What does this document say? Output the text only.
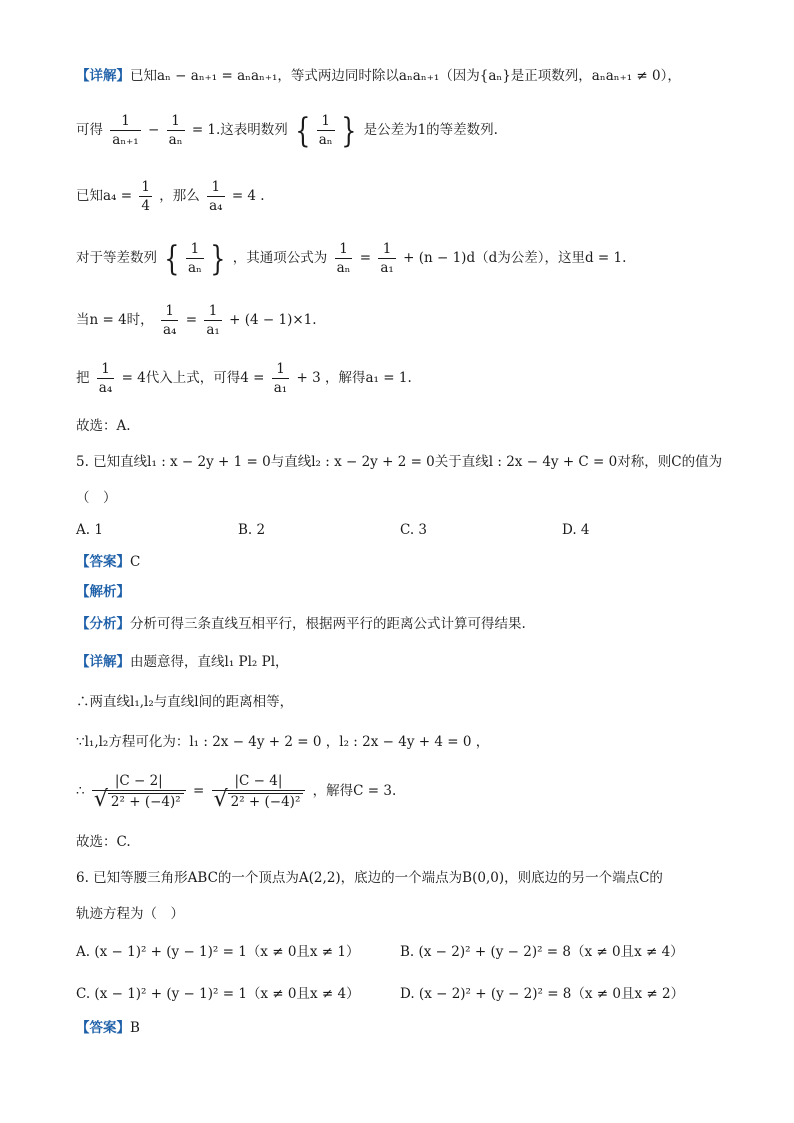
【详解】已知aₙ − aₙ₊₁ = aₙaₙ₊₁，等式两边同时除以aₙaₙ₊₁（因为{aₙ}是正项数列，aₙaₙ₊₁ ≠ 0），
可得 $\frac{1}{\text{aₙ₊₁}} - \frac{1}{\text{aₙ}} = 1$.这表明数列 { $\frac{1}{\text{aₙ}}$ } 是公差为1的等差数列.
已知$a_4 = \frac{1}{4}$ ，那么 $\frac{1}{\text{a₄}} = 4$ .
对于等差数列 { $\frac{1}{\text{aₙ}}$ } ，其通项公式为 $\frac{1}{\text{aₙ}} = \frac{1}{\text{a₁}} + (n - 1)d(d$为公差），这里d = 1.
当n = 4时， $\frac{1}{\text{a₄}} = \frac{1}{\text{a₁}} + (4 - 1)\times 1$.
把 $\frac{1}{\text{a₄}} = 4$代入上式，可得$4 = \frac{1}{\text{a₁}} + 3$ ，解得a₁ = 1.
故选：A.
5. 已知直线l₁ : x − 2y + 1 = 0与直线l₂ : x − 2y + 2 = 0关于直线l : 2x − 4y + C = 0对称，则C的值为
（　）
A. 1	B. 2	C. 3	D. 4
【答案】C
【解析】
【分析】分析可得三条直线互相平行，根据两平行的距离公式计算可得结果.
【详解】由题意得，直线l₁ Pl₂ Pl，
∴两直线l₁,l₂与直线l间的距离相等，
∵l₁,l₂方程可化为：l₁ : 2x − 4y + 2 = 0 ，l₂ : 2x − 4y + 4 = 0 ，
∴ $\frac{|C - 2|}{\text{√ 2² + (−4)²}} = \frac{|C - 4|}{\text{√ 2² + (−4)²}}$ ，解得C = 3.
故选：C.
6. 已知等腰三角形ABC的一个顶点为A(2,2)，底边的一个端点为B(0,0)，则底边的另一个端点C的
轨迹方程为（　）
A. (x − 1)² + (y − 1)² = 1（x ≠ 0且x ≠ 1）	B. (x − 2)² + (y − 2)² = 8（x ≠ 0且x ≠ 4）
C. (x − 1)² + (y − 1)² = 1（x ≠ 0且x ≠ 4）	D. (x − 2)² + (y − 2)² = 8（x ≠ 0且x ≠ 2）
【答案】B
